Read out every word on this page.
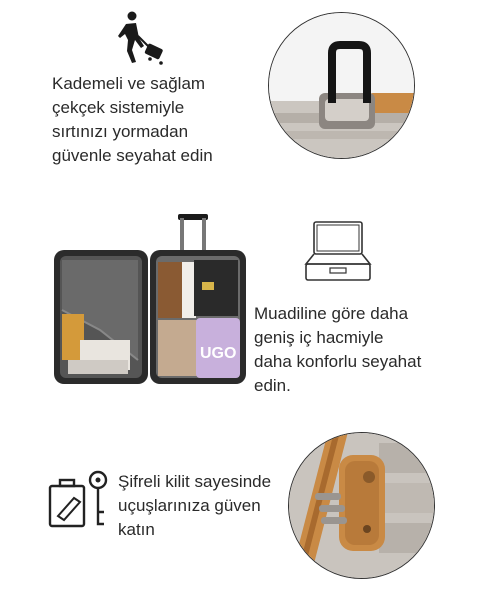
Kademeli ve sağlam
çekçek sistemiyle
sırtınızı yormadan
güvenle seyahat edin
UGO
Muadiline göre daha
geniş iç hacmiyle
daha konforlu seyahat
edin.
Şifreli kilit sayesinde
uçuşlarınıza güven
katın
